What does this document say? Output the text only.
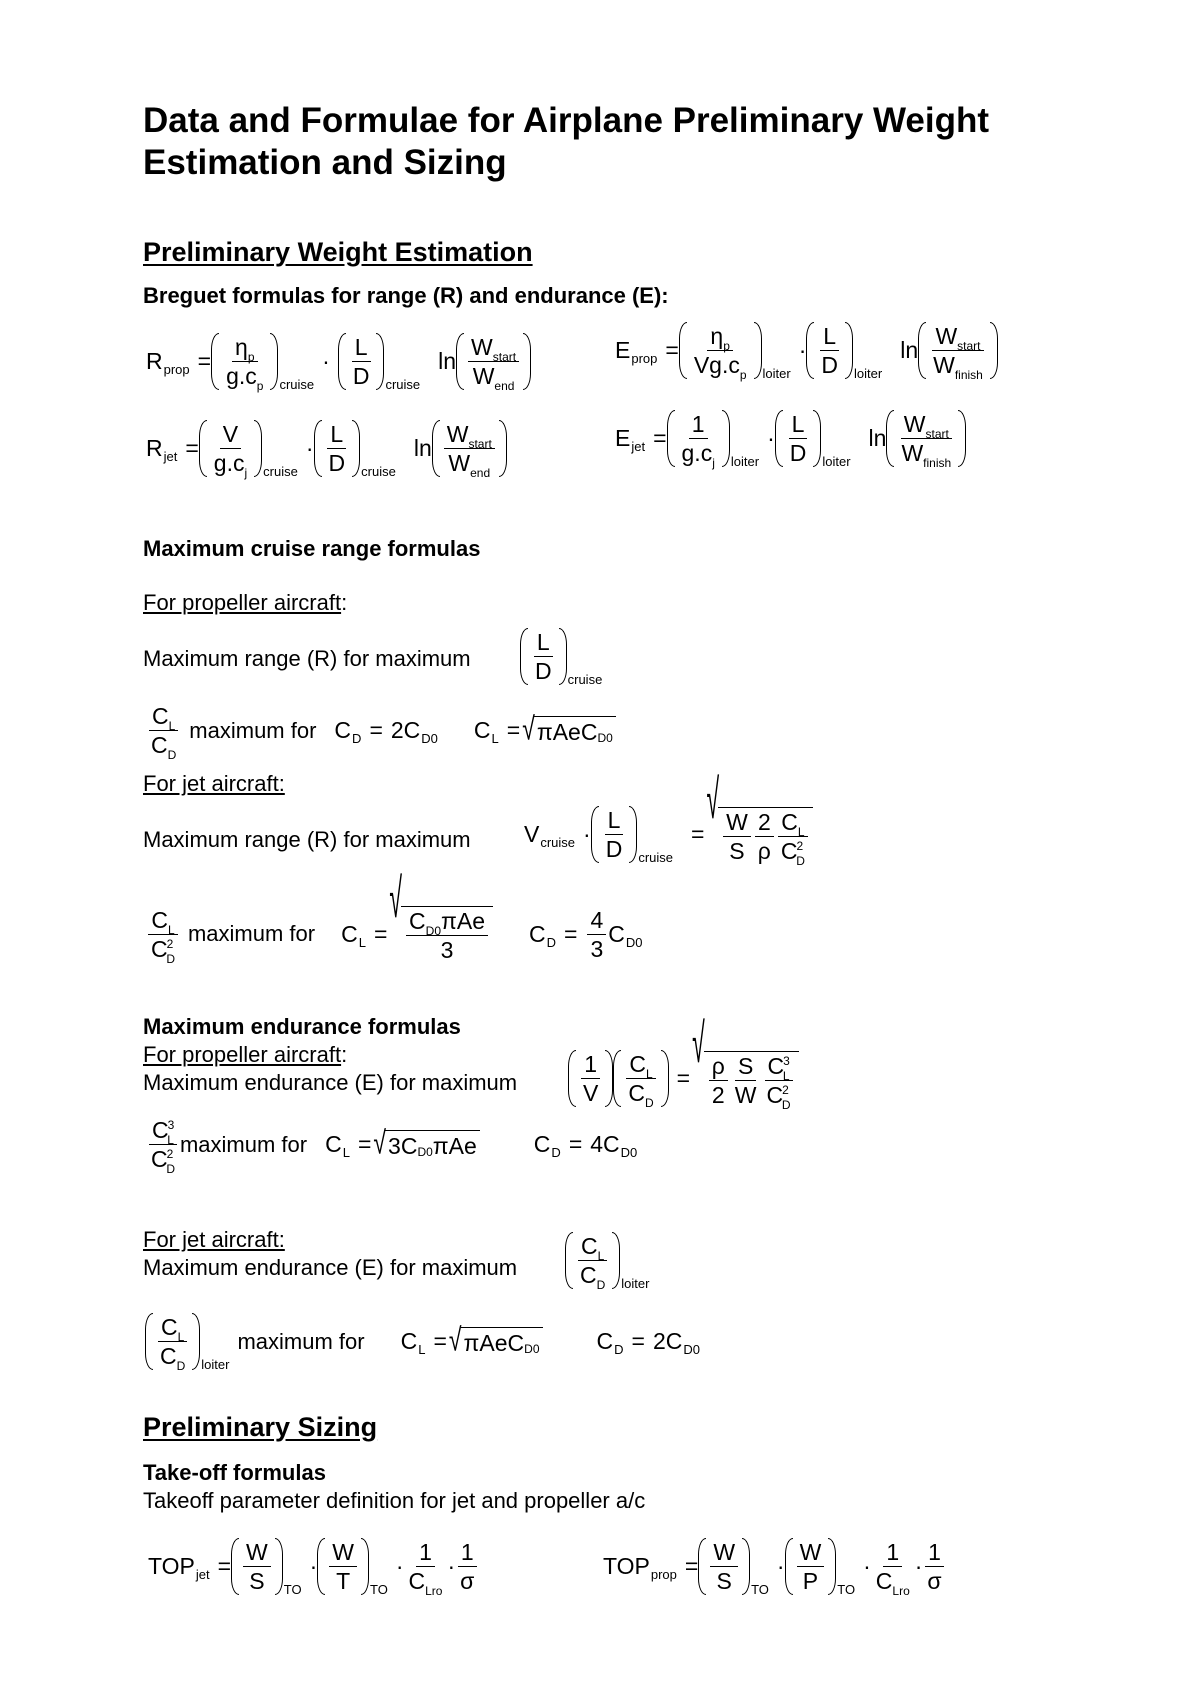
Data and Formulae for Airplane Preliminary Weight
Estimation and Sizing
Preliminary Weight Estimation
Breguet formulas for range (R) and endurance (E):
R prop = $\frac{\eta_p}{g.c_p}$ cruise
· $\frac{L}{D}$ cruise
$\ln \frac{W_{start}}{W_{end}}$	E prop = $\frac{\eta_p}{Vg.c_p}$ loiter
· $\frac{L}{D}$ loiter
$\ln \frac{W_{start}}{W_{finish}}$
R jet = $\frac{V}{g.c_j}$ cruise
· $\frac{L}{D}$ cruise
$\ln \frac{W_{start}}{W_{end}}$	E jet = $\frac{1}{g.c_j}$ loiter
· $\frac{L}{D}$ loiter
$\ln \frac{W_{start}}{W_{finish}}$
Maximum cruise range formulas
For propeller aircraft:
Maximum range (R) for maximum	$\frac{L}{D}$ cruise
$\frac{C_L}{C_D}$ maximum for C D = 2C D0 C L = √ πAeC D0
For jet aircraft:
Maximum range (R) for maximum V cruise · $\frac{L}{D}$ cruise
=
√
$\frac{W}{S} \frac{2}{\rho} \frac{C_L}{C^2_D}$
$\frac{C_L}{C^2_D}$ maximum for C L =
√
$\frac{C_{D0}\pi Ae}{3}$ C $D = \frac{4}{3}$ C D0
Maximum endurance formulas
For propeller aircraft:
Maximum endurance (E) for maximum	$\frac{1}{V} \frac{C_L}{C_D}$ =
√
$\frac{\rho}{2} \frac{S}{W} \frac{C^3_L}{C^2_D}$
$\frac{C^3_L}{C^2_D}$ maximum for C L = √ 3C D0 πAe C D = 4C D0
For jet aircraft:
Maximum endurance (E) for maximum	$\frac{C_L}{C_D}$ loiter
$\frac{C_L}{C_D}$ loiter
maximum for C L = √ πAeC D0 C D = 2C D0
Preliminary Sizing
Take-off formulas
Takeoff parameter definition for jet and propeller a/c
TOP jet = $\frac{W}{S}$ TO
· $\frac{W}{T}$ TO
· $\frac{1}{C_{Lro}} \cdot \frac{1}{\sigma}$	TOP prop = $\frac{W}{S}$ TO
· $\frac{W}{P}$ TO
· $\frac{1}{C_{Lro}} \cdot \frac{1}{\sigma}$
